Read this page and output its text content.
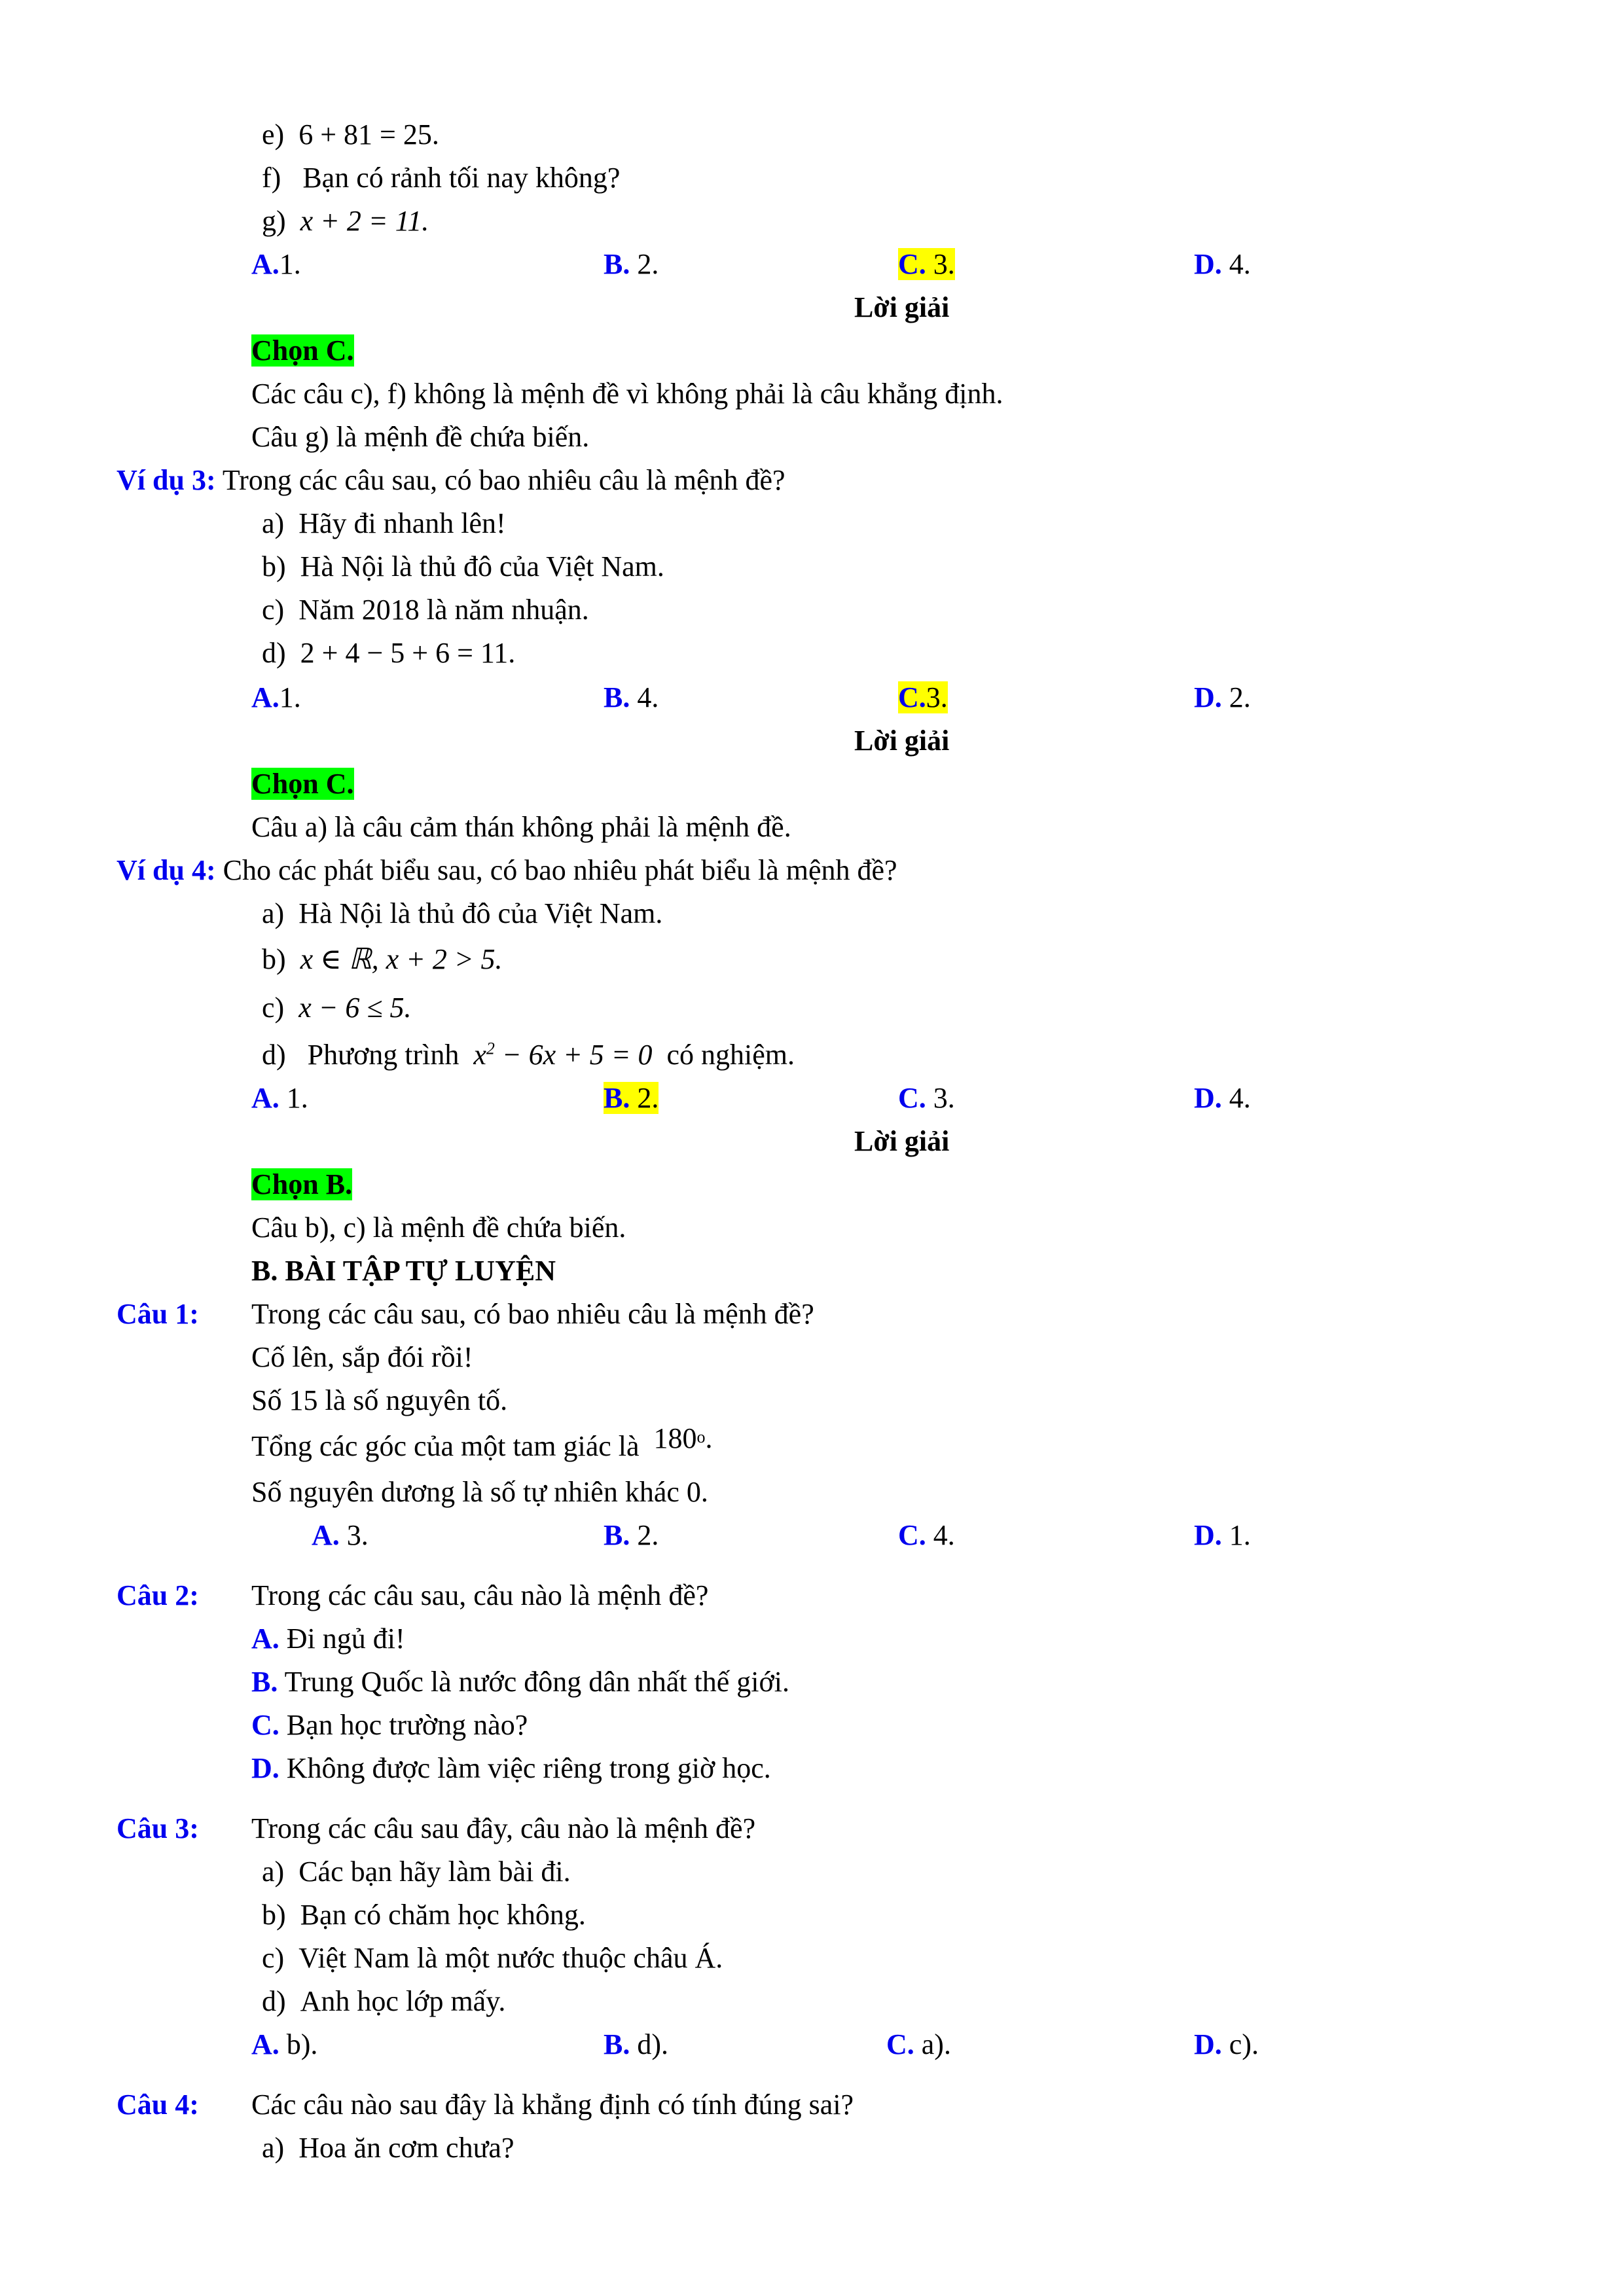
e) 6 + 81 = 25.
f) Bạn có rảnh tối nay không?
g) x + 2 = 11.
A.1.	B. 2.	C. 3.	D. 4.
Lời giải
Chọn C.
Các câu c), f) không là mệnh đề vì không phải là câu khẳng định.
Câu g) là mệnh đề chứa biến.
Ví dụ 3: Trong các câu sau, có bao nhiêu câu là mệnh đề?
a) Hãy đi nhanh lên!
b) Hà Nội là thủ đô của Việt Nam.
c) Năm 2018 là năm nhuận.
d) 2 + 4 − 5 + 6 = 11.
A.1.	B. 4.	C.3.	D. 2.
Lời giải
Chọn C.
Câu a) là câu cảm thán không phải là mệnh đề.
Ví dụ 4: Cho các phát biểu sau, có bao nhiêu phát biểu là mệnh đề?
a) Hà Nội là thủ đô của Việt Nam.
b) x ∈ ℝ, x + 2 > 5.
c) x − 6 ≤ 5.
d) Phương trình $x^2 - 6x + 5 = 0$ có nghiệm.
A. 1.	B. 2.	C. 3.	D. 4.
Lời giải
Chọn B.
Câu b), c) là mệnh đề chứa biến.
B. BÀI TẬP TỰ LUYỆN
Câu 1: Trong các câu sau, có bao nhiêu câu là mệnh đề?
Cố lên, sắp đói rồi!
Số 15 là số nguyên tố.
Tổng các góc của một tam giác là 180$^o$.
Số nguyên dương là số tự nhiên khác 0.
A. 3.	B. 2.	C. 4.	D. 1.
Câu 2: Trong các câu sau, câu nào là mệnh đề?
A. Đi ngủ đi!
B. Trung Quốc là nước đông dân nhất thế giới.
C. Bạn học trường nào?
D. Không được làm việc riêng trong giờ học.
Câu 3: Trong các câu sau đây, câu nào là mệnh đề?
a) Các bạn hãy làm bài đi.
b) Bạn có chăm học không.
c) Việt Nam là một nước thuộc châu Á.
d) Anh học lớp mấy.
A. b).	B. d).	C. a).	D. c).
Câu 4: Các câu nào sau đây là khẳng định có tính đúng sai?
a) Hoa ăn cơm chưa?
